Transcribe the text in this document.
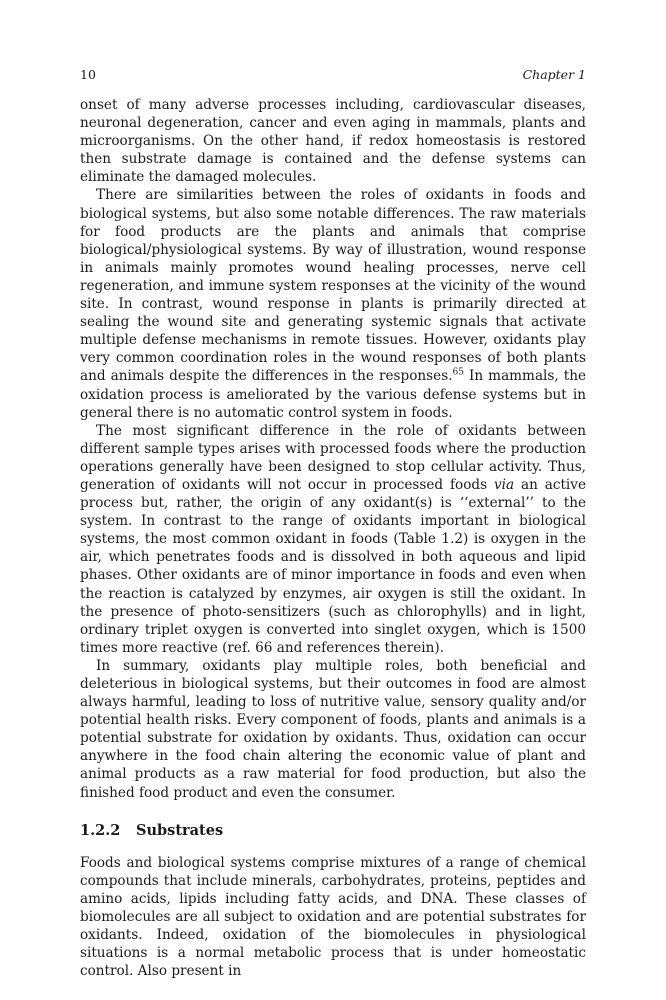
10	Chapter 1

onset of many adverse processes including, cardiovascular diseases, neuronal degeneration, cancer and even aging in mammals, plants and microorganisms. On the other hand, if redox homeostasis is restored then substrate damage is contained and the defense systems can eliminate the damaged molecules.

There are similarities between the roles of oxidants in foods and biological systems, but also some notable differences. The raw materials for food products are the plants and animals that comprise biological/physiological systems. By way of illustration, wound response in animals mainly promotes wound healing processes, nerve cell regeneration, and immune system responses at the vicinity of the wound site. In contrast, wound response in plants is primarily directed at sealing the wound site and generating systemic signals that activate multiple defense mechanisms in remote tissues. However, oxidants play very common coordination roles in the wound responses of both plants and animals despite the differences in the responses.$^{65}$ In mammals, the oxidation process is ameliorated by the various defense systems but in general there is no automatic control system in foods.

The most significant difference in the role of oxidants between different sample types arises with processed foods where the production operations generally have been designed to stop cellular activity. Thus, generation of oxidants will not occur in processed foods via an active process but, rather, the origin of any oxidant(s) is ‘‘external’’ to the system. In contrast to the range of oxidants important in biological systems, the most common oxidant in foods (Table 1.2) is oxygen in the air, which penetrates foods and is dissolved in both aqueous and lipid phases. Other oxidants are of minor importance in foods and even when the reaction is catalyzed by enzymes, air oxygen is still the oxidant. In the presence of photo-sensitizers (such as chlorophylls) and in light, ordinary triplet oxygen is converted into singlet oxygen, which is 1500 times more reactive (ref. 66 and references therein).

In summary, oxidants play multiple roles, both beneficial and deleterious in biological systems, but their outcomes in food are almost always harmful, leading to loss of nutritive value, sensory quality and/or potential health risks. Every component of foods, plants and animals is a potential substrate for oxidation by oxidants. Thus, oxidation can occur anywhere in the food chain altering the economic value of plant and animal products as a raw material for food production, but also the finished food product and even the consumer.

1.2.2 Substrates

Foods and biological systems comprise mixtures of a range of chemical compounds that include minerals, carbohydrates, proteins, peptides and amino acids, lipids including fatty acids, and DNA. These classes of biomolecules are all subject to oxidation and are potential substrates for oxidants. Indeed, oxidation of the biomolecules in physiological situations is a normal metabolic process that is under homeostatic control. Also present in
